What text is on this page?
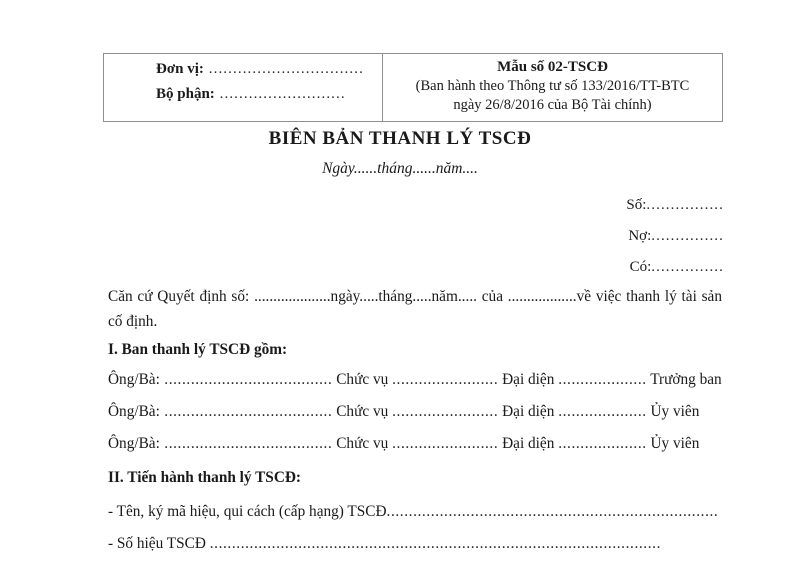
Đơn vị: ................................
Bộ phận: ..........................
Mẫu số 02-TSCĐ
(Ban hành theo Thông tư số 133/2016/TT-BTC
ngày 26/8/2016 của Bộ Tài chính)
BIÊN BẢN THANH LÝ TSCĐ
Ngày......tháng......năm....
Số:................
Nợ:...............
Có:...............
Căn cứ Quyết định số: ....................ngày.....tháng.....năm..... của ..................về việc thanh lý tài sản cố định.
I. Ban thanh lý TSCĐ gồm:
Ông/Bà: ...................................... Chức vụ ........................ Đại diện .................... Trưởng ban
Ông/Bà: ...................................... Chức vụ ........................ Đại diện .................... Ủy viên
Ông/Bà: ...................................... Chức vụ ........................ Đại diện .................... Ủy viên
II. Tiến hành thanh lý TSCĐ:
- Tên, ký mã hiệu, qui cách (cấp hạng) TSCĐ...........................................................................
- Số hiệu TSCĐ ......................................................................................................
